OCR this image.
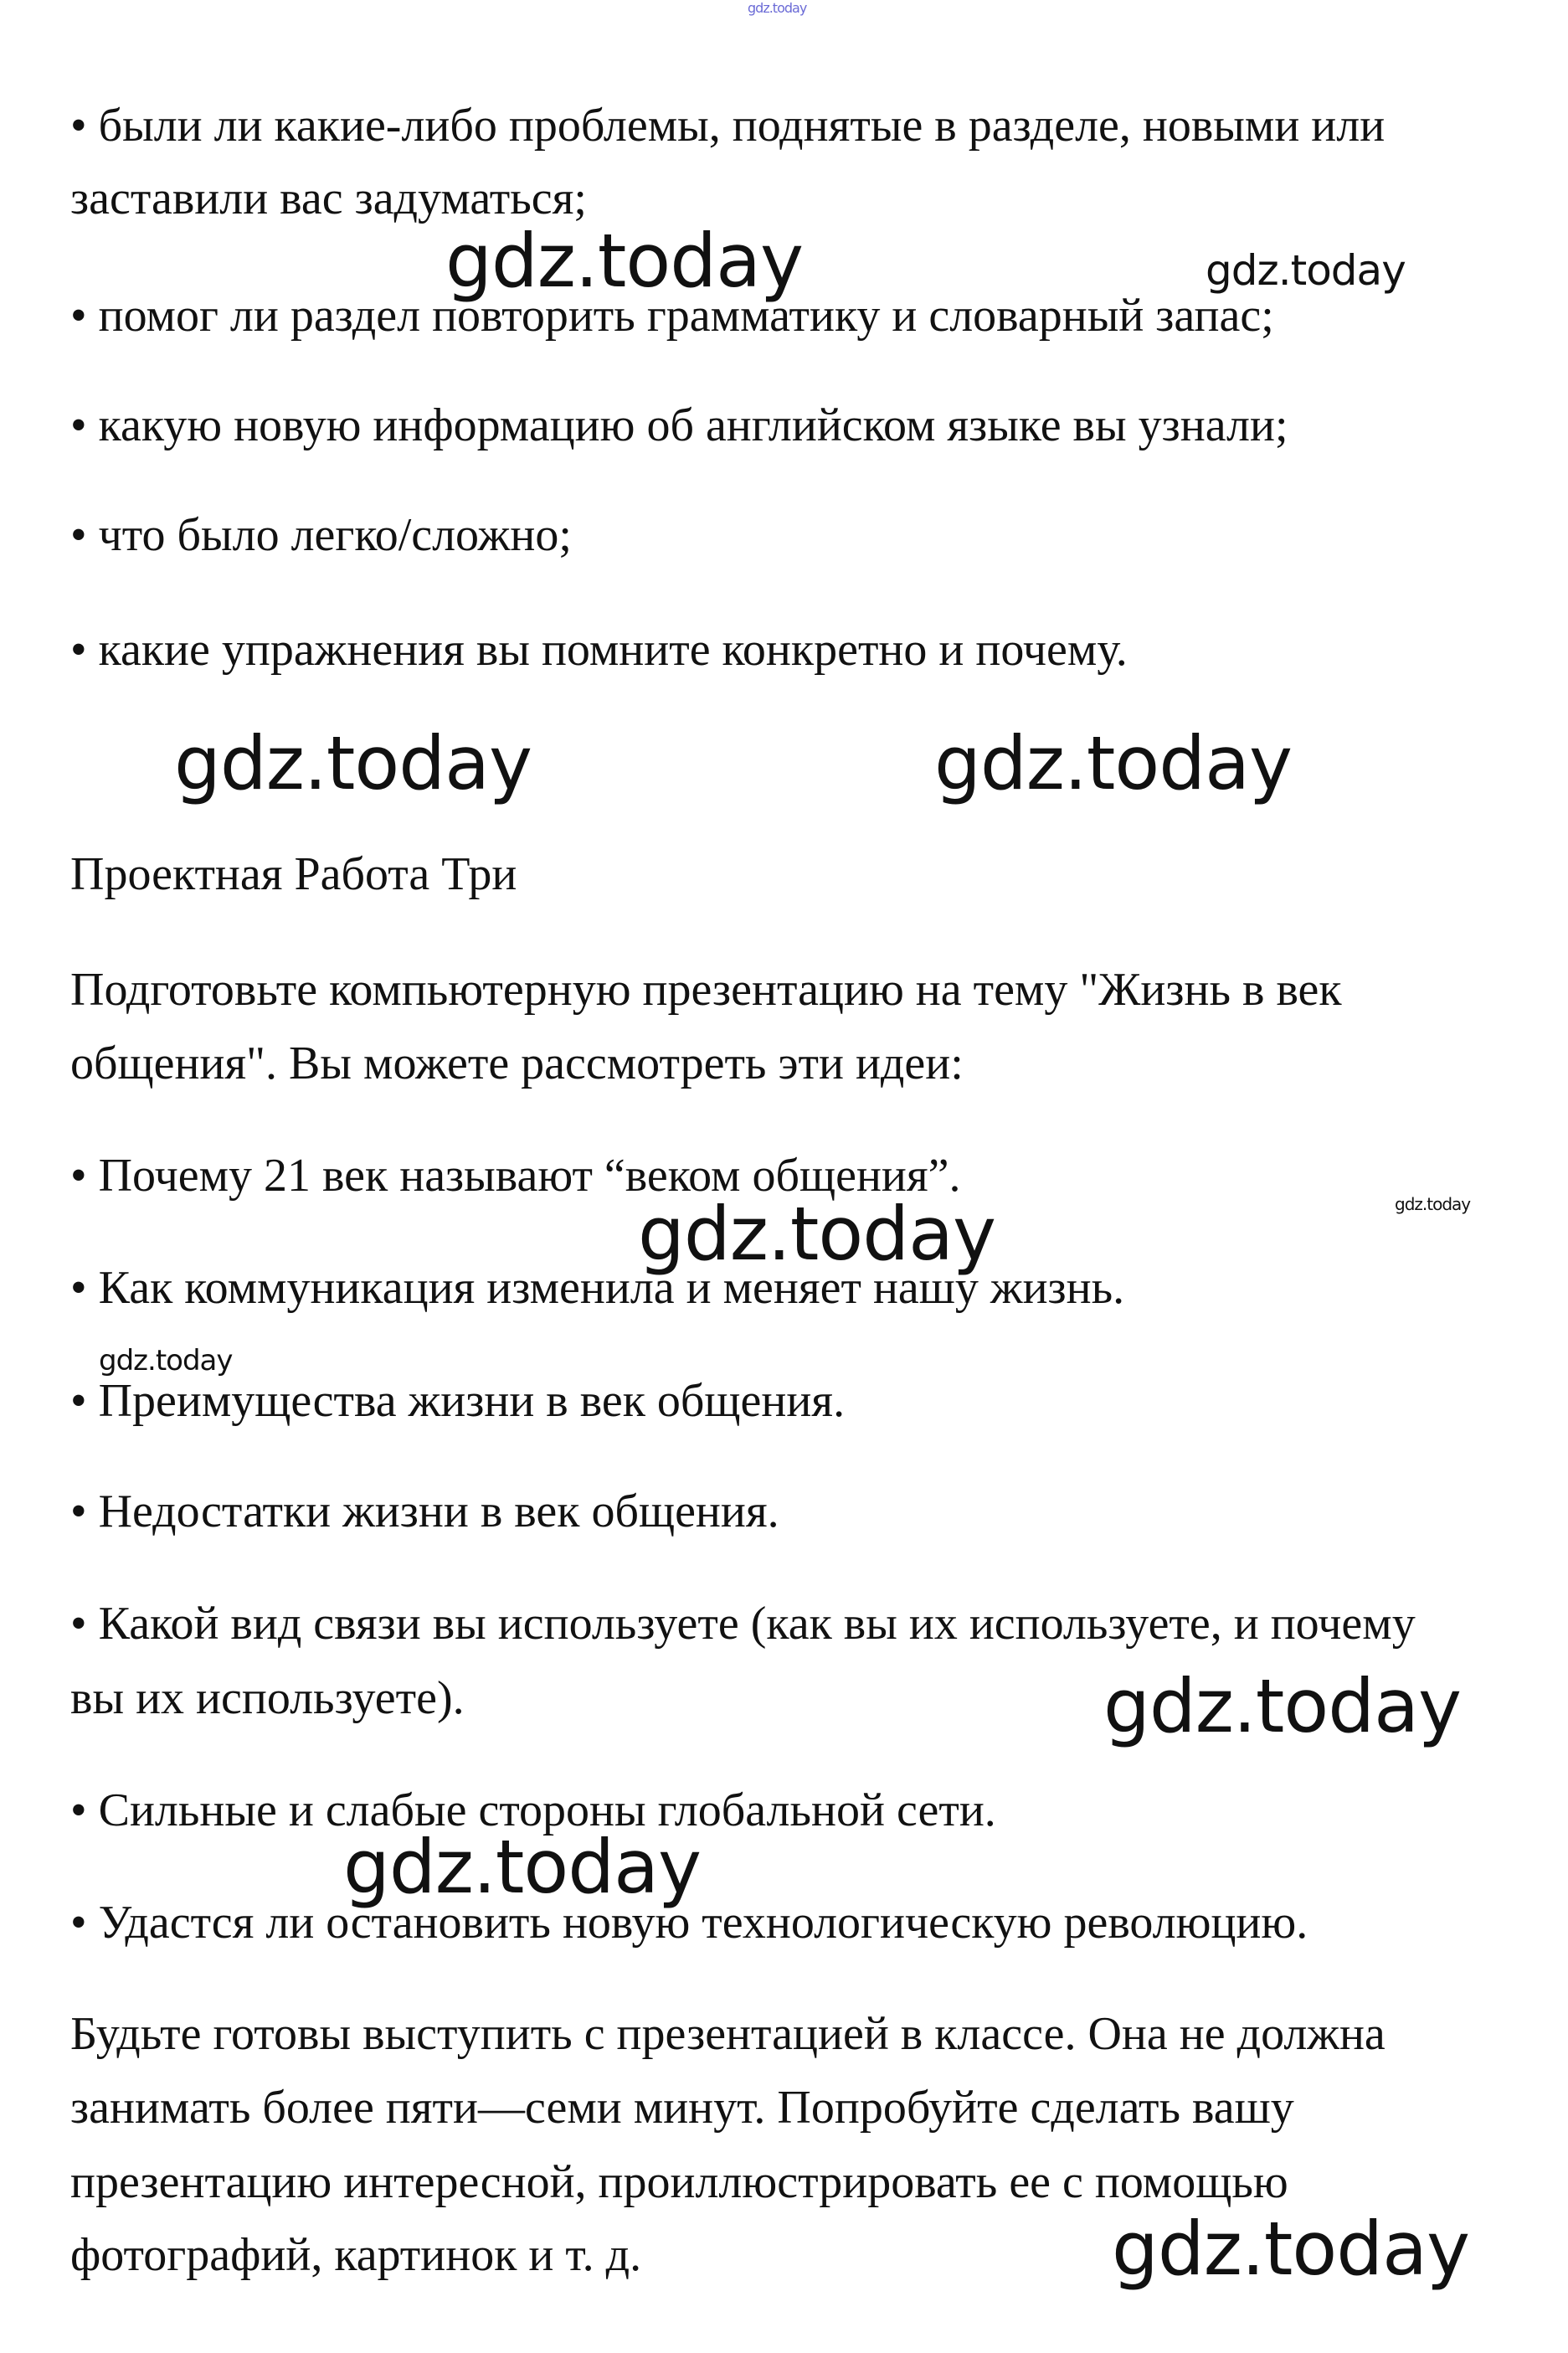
• были ли какие-либо проблемы, поднятые в разделе, новыми или
заставили вас задуматься;
• помог ли раздел повторить грамматику и словарный запас;
• какую новую информацию об английском языке вы узнали;
• что было легко/сложно;
• какие упражнения вы помните конкретно и почему.
Проектная Работа Три
Подготовьте компьютерную презентацию на тему "Жизнь в век
общения". Вы можете рассмотреть эти идеи:
• Почему 21 век называют “веком общения”.
• Как коммуникация изменила и меняет нашу жизнь.
• Преимущества жизни в век общения.
• Недостатки жизни в век общения.
• Какой вид связи вы используете (как вы их используете, и почему
вы их используете).
• Сильные и слабые стороны глобальной сети.
• Удастся ли остановить новую технологическую революцию.
Будьте готовы выступить с презентацией в классе. Она не должна
занимать более пяти—семи минут. Попробуйте сделать вашу
презентацию интересной, проиллюстрировать ее с помощью
фотографий, картинок и т. д.
gdz.today
gdz.today	gdz.today
gdz.today	gdz.today
gdz.today	gdz.today
gdz.today
gdz.today
gdz.today
gdz.today
